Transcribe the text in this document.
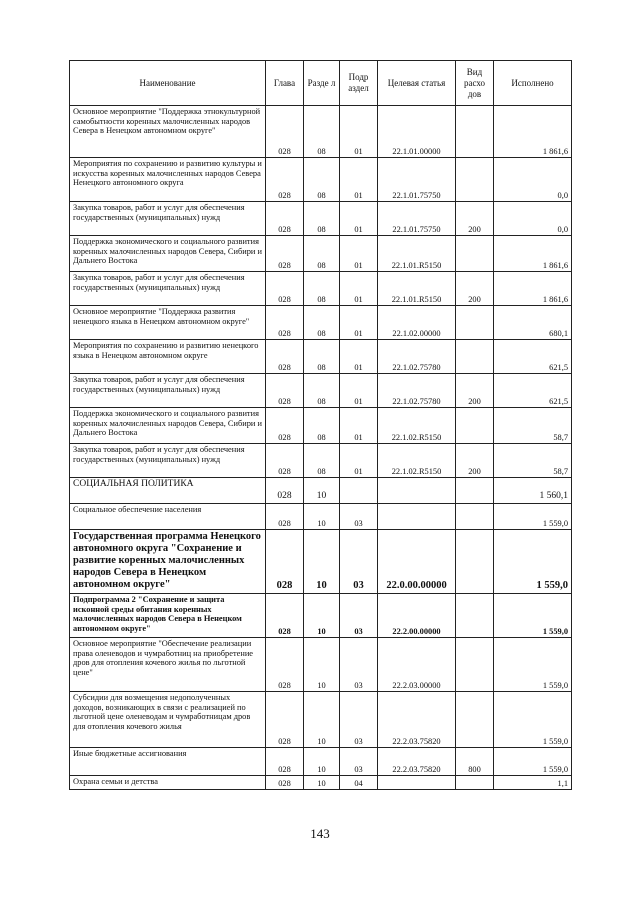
Наименование	Глава	Разде л	Подр аздел	Целевая статья	Вид расхо дов	Исполнено
Основное мероприятие "Поддержка этнокультурной самобытности коренных малочисленных народов Севера в Ненецком автономном округе"	028	08	01	22.1.01.00000		1 861,6
Мероприятия по сохранению и развитию культуры и искусства коренных малочисленных народов Севера Ненецкого автономного округа	028	08	01	22.1.01.75750		0,0
Закупка товаров, работ и услуг для обеспечения государственных (муниципальных) нужд	028	08	01	22.1.01.75750	200	0,0
Поддержка экономического и социального развития коренных малочисленных народов Севера, Сибири и Дальнего Востока	028	08	01	22.1.01.R5150		1 861,6
Закупка товаров, работ и услуг для обеспечения государственных (муниципальных) нужд	028	08	01	22.1.01.R5150	200	1 861,6
Основное мероприятие "Поддержка развития ненецкого языка в Ненецком автономном округе"	028	08	01	22.1.02.00000		680,1
Мероприятия по сохранению и развитию ненецкого языка в Ненецком автономном округе	028	08	01	22.1.02.75780		621,5
Закупка товаров, работ и услуг для обеспечения государственных (муниципальных) нужд	028	08	01	22.1.02.75780	200	621,5
Поддержка экономического и социального развития коренных малочисленных народов Севера, Сибири и Дальнего Востока	028	08	01	22.1.02.R5150		58,7
Закупка товаров, работ и услуг для обеспечения государственных (муниципальных) нужд	028	08	01	22.1.02.R5150	200	58,7
СОЦИАЛЬНАЯ ПОЛИТИКА	028	10				1 560,1
Социальное обеспечение населения	028	10	03			1 559,0
Государственная программа Ненецкого автономного округа "Сохранение и развитие коренных малочисленных народов Севера в Ненецком автономном округе"	028	10	03	22.0.00.00000		1 559,0
Подпрограмма 2 "Сохранение и защита исконной среды обитания коренных малочисленных народов Севера в Ненецком автономном округе"	028	10	03	22.2.00.00000		1 559,0
Основное мероприятие "Обеспечение реализации права оленеводов и чумработниц на приобретение дров для отопления кочевого жилья по льготной цене"	028	10	03	22.2.03.00000		1 559,0
Субсидии для возмещения недополученных доходов, возникающих в связи с реализацией по льготной цене оленеводам и чумработницам дров для отопления кочевого жилья	028	10	03	22.2.03.75820		1 559,0
Иные бюджетные ассигнования	028	10	03	22.2.03.75820	800	1 559,0
Охрана семьи и детства	028	10	04			1,1
143
